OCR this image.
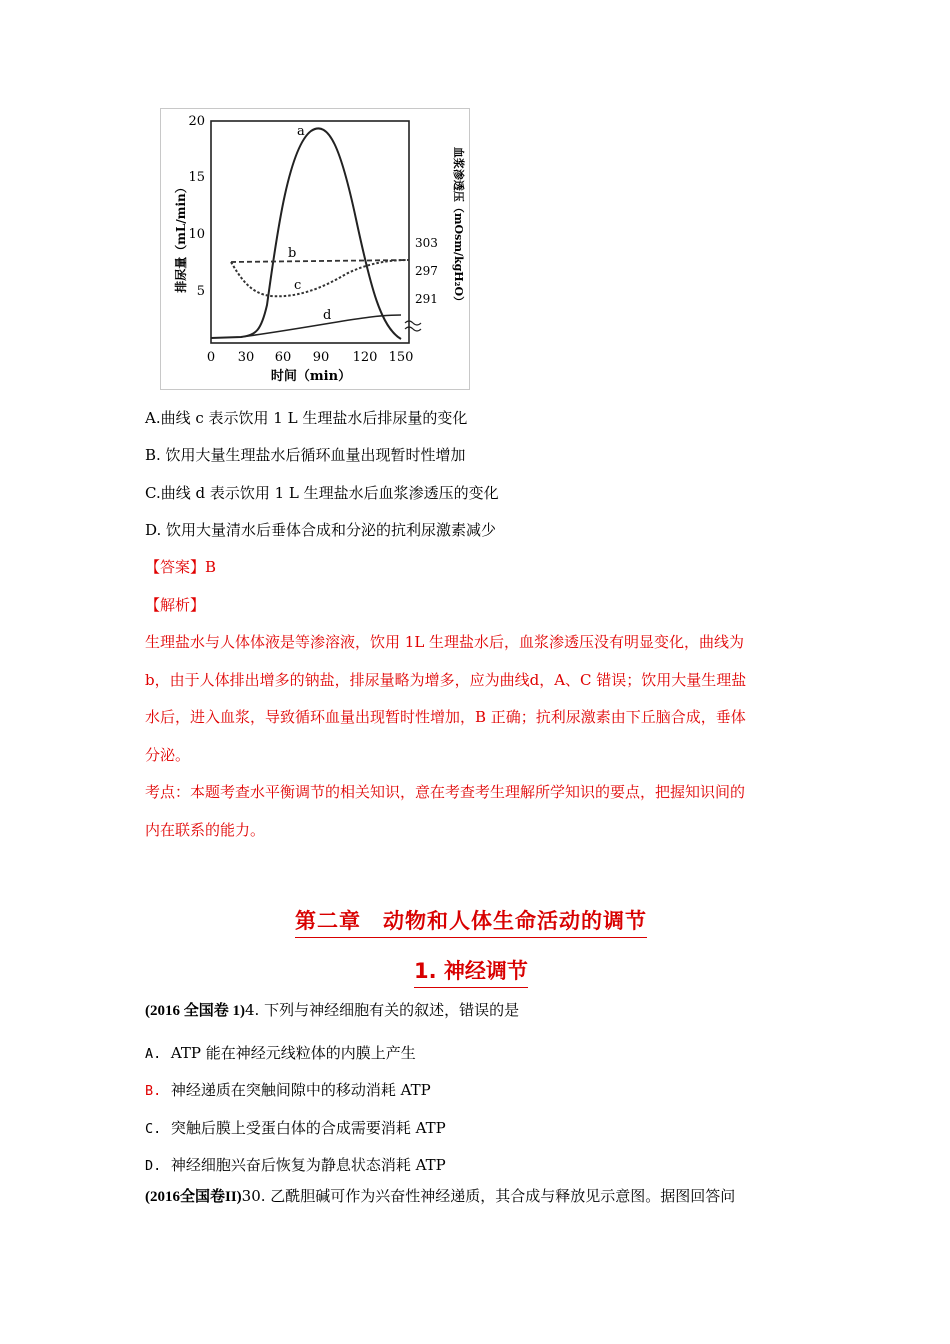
20
15
10
5
0 30 60 90 120 150
时间（min）
排尿量（mL/min）	303
297
291 血浆渗透压（mOsm/kgH₂O）
a
b
c
d
A.曲线 c 表示饮用 1 L 生理盐水后排尿量的变化
B. 饮用大量生理盐水后循环血量出现暂时性增加
C.曲线 d 表示饮用 1 L 生理盐水后血浆渗透压的变化
D. 饮用大量清水后垂体合成和分泌的抗利尿激素减少
【答案】B
【解析】
生理盐水与人体体液是等渗溶液，饮用 1L 生理盐水后，血浆渗透压没有明显变化，曲线为
b，由于人体排出增多的钠盐，排尿量略为增多，应为曲线d，A、C 错误；饮用大量生理盐
水后，进入血浆，导致循环血量出现暂时性增加，B 正确；抗利尿激素由下丘脑合成，垂体
分泌。
考点：本题考查水平衡调节的相关知识，意在考查考生理解所学知识的要点，把握知识间的
内在联系的能力。
第二章　动物和人体生命活动的调节
1. 神经调节
(2016 全国卷 1)4. 下列与神经细胞有关的叙述，错误的是
A. ATP 能在神经元线粒体的内膜上产生
B. 神经递质在突触间隙中的移动消耗 ATP
C. 突触后膜上受蛋白体的合成需要消耗 ATP
D. 神经细胞兴奋后恢复为静息状态消耗 ATP
(2016全国卷II)30. 乙酰胆碱可作为兴奋性神经递质，其合成与释放见示意图。据图回答问
